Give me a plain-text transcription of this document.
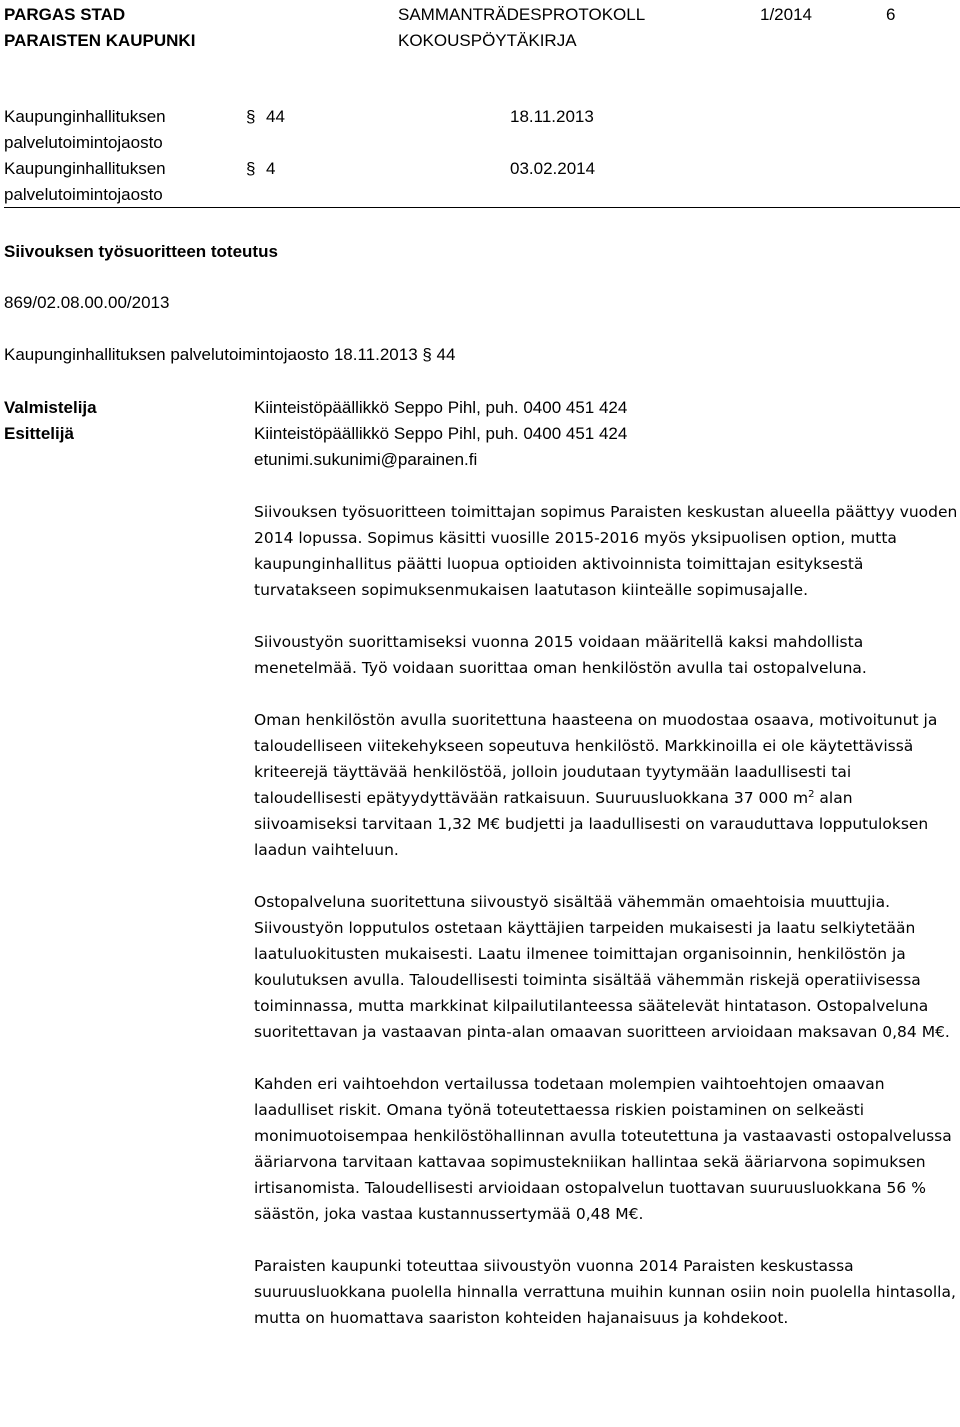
PARGAS STAD
PARAISTEN KAUPUNKI
SAMMANTRÄDESPROTOKOLL
KOKOUSPÖYTÄKIRJA
1/2014	6
Kaupunginhallituksen
palvelutoimintojaosto
§ 44	18.11.2013
Kaupunginhallituksen
palvelutoimintojaosto
§ 4	03.02.2014
Siivouksen työsuoritteen toteutus
869/02.08.00.00/2013
Kaupunginhallituksen palvelutoimintojaosto 18.11.2013 § 44
Valmistelija	Kiinteistöpäällikkö Seppo Pihl, puh. 0400 451 424
Esittelijä	Kiinteistöpäällikkö Seppo Pihl, puh. 0400 451 424
etunimi.sukunimi@parainen.fi

Siivouksen työsuoritteen toimittajan sopimus Paraisten keskustan alueella päättyy vuoden 2014 lopussa. Sopimus käsitti vuosille 2015-2016 myös yksipuolisen option, mutta kaupunginhallitus päätti luopua optioiden aktivoinnista toimittajan esityksestä turvatakseen sopimuksenmukaisen laatutason kiinteälle sopimusajalle.

Siivoustyön suorittamiseksi vuonna 2015 voidaan määritellä kaksi mahdollista menetelmää. Työ voidaan suorittaa oman henkilöstön avulla tai ostopalveluna.

Oman henkilöstön avulla suoritettuna haasteena on muodostaa osaava, motivoitunut ja taloudelliseen viitekehykseen sopeutuva henkilöstö. Markkinoilla ei ole käytettävissä kriteerejä täyttävää henkilöstöä, jolloin joudutaan tyytymään laadullisesti tai taloudellisesti epätyydyttävään ratkaisuun. Suuruusluokkana 37 000 $m^2$ alan siivoamiseksi tarvitaan 1,32 M€ budjetti ja laadullisesti on varauduttava lopputuloksen laadun vaihteluun.

Ostopalveluna suoritettuna siivoustyö sisältää vähemmän omaehtoisia muuttujia. Siivoustyön lopputulos ostetaan käyttäjien tarpeiden mukaisesti ja laatu selkiytetään laatuluokitusten mukaisesti. Laatu ilmenee toimittajan organisoinnin, henkilöstön ja koulutuksen avulla. Taloudellisesti toiminta sisältää vähemmän riskejä operatiivisessa toiminnassa, mutta markkinat kilpailutilanteessa säätelevät hintatason. Ostopalveluna suoritettavan ja vastaavan pinta-alan omaavan suoritteen arvioidaan maksavan 0,84 M€.

Kahden eri vaihtoehdon vertailussa todetaan molempien vaihtoehtojen omaavan laadulliset riskit. Omana työnä toteutettaessa riskien poistaminen on selkeästi monimuotoisempaa henkilöstöhallinnan avulla toteutettuna ja vastaavasti ostopalvelussa ääriarvona tarvitaan kattavaa sopimustekniikan hallintaa sekä ääriarvona sopimuksen irtisanomista. Taloudellisesti arvioidaan ostopalvelun tuottavan suuruusluokkana 56 % säästön, joka vastaa kustannussertymää 0,48 M€.

Paraisten kaupunki toteuttaa siivoustyön vuonna 2014 Paraisten keskustassa suuruusluokkana puolella hinnalla verrattuna muihin kunnan osiin noin puolella hintasolla, mutta on huomattava saariston kohteiden hajanaisuus ja kohdekoot.
